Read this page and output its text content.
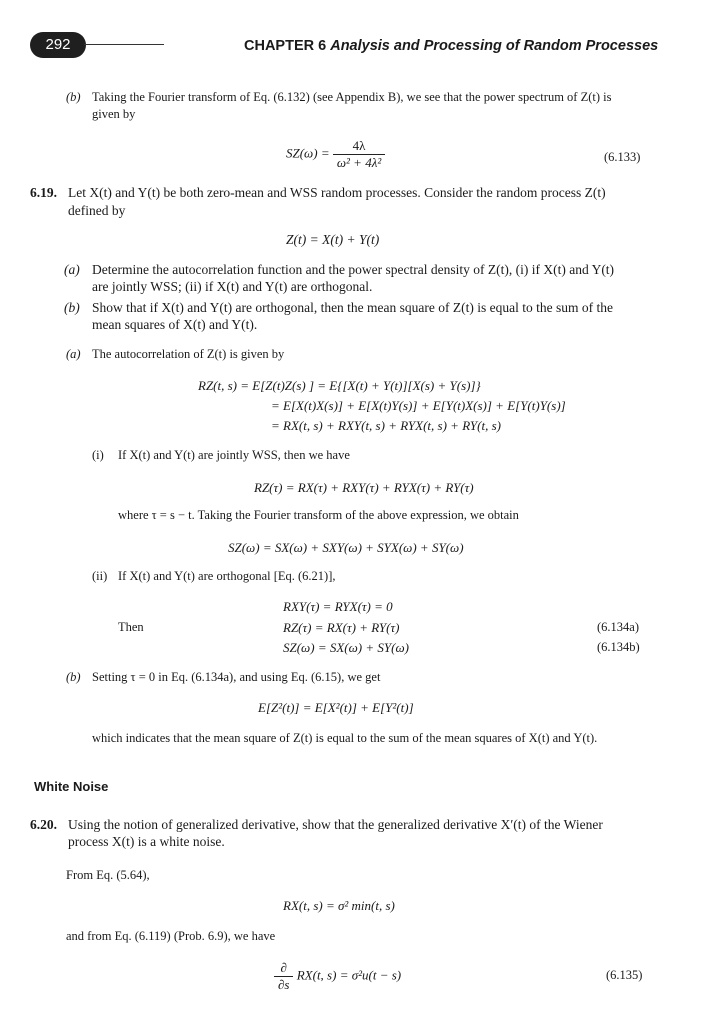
292	CHAPTER 6 Analysis and Processing of Random Processes
(b) Taking the Fourier transform of Eq. (6.132) (see Appendix B), we see that the power spectrum of Z(t) is
given by
$SZ(\omega) = \frac{4\lambda}{\text{ω² + 4λ²}}$	(6.133)
6.19. Let X(t) and Y(t) be both zero-mean and WSS random processes. Consider the random process Z(t)
defined by
Z(t) = X(t) + Y(t)
(a) Determine the autocorrelation function and the power spectral density of Z(t), (i) if X(t) and Y(t)
are jointly WSS; (ii) if X(t) and Y(t) are orthogonal.
(b) Show that if X(t) and Y(t) are orthogonal, then the mean square of Z(t) is equal to the sum of the
mean squares of X(t) and Y(t).
(a) The autocorrelation of Z(t) is given by
RZ(t, s) = E[Z(t)Z(s) ] = E{[X(t) + Y(t)][X(s) + Y(s)]}
= E[X(t)X(s)] + E[X(t)Y(s)] + E[Y(t)X(s)] + E[Y(t)Y(s)]
= RX(t, s) + RXY(t, s) + RYX(t, s) + RY(t, s)
(i) If X(t) and Y(t) are jointly WSS, then we have
RZ(τ) = RX(τ) + RXY(τ) + RYX(τ) + RY(τ)
where τ = s − t. Taking the Fourier transform of the above expression, we obtain
SZ(ω) = SX(ω) + SXY(ω) + SYX(ω) + SY(ω)
(ii) If X(t) and Y(t) are orthogonal [Eq. (6.21)],
RXY(τ) = RYX(τ) = 0
Then	RZ(τ) = RX(τ) + RY(τ)	(6.134a)
SZ(ω) = SX(ω) + SY(ω)	(6.134b)
(b) Setting τ = 0 in Eq. (6.134a), and using Eq. (6.15), we get
E[Z²(t)] = E[X²(t)] + E[Y²(t)]
which indicates that the mean square of Z(t) is equal to the sum of the mean squares of X(t) and Y(t).
White Noise
6.20. Using the notion of generalized derivative, show that the generalized derivative X′(t) of the Wiener
process X(t) is a white noise.
From Eq. (5.64),
RX(t, s) = σ² min(t, s)
and from Eq. (6.119) (Prob. 6.9), we have
$\frac{\partial}{\partial s} RX(t$, s) = σ²u(t − s)	(6.135)
